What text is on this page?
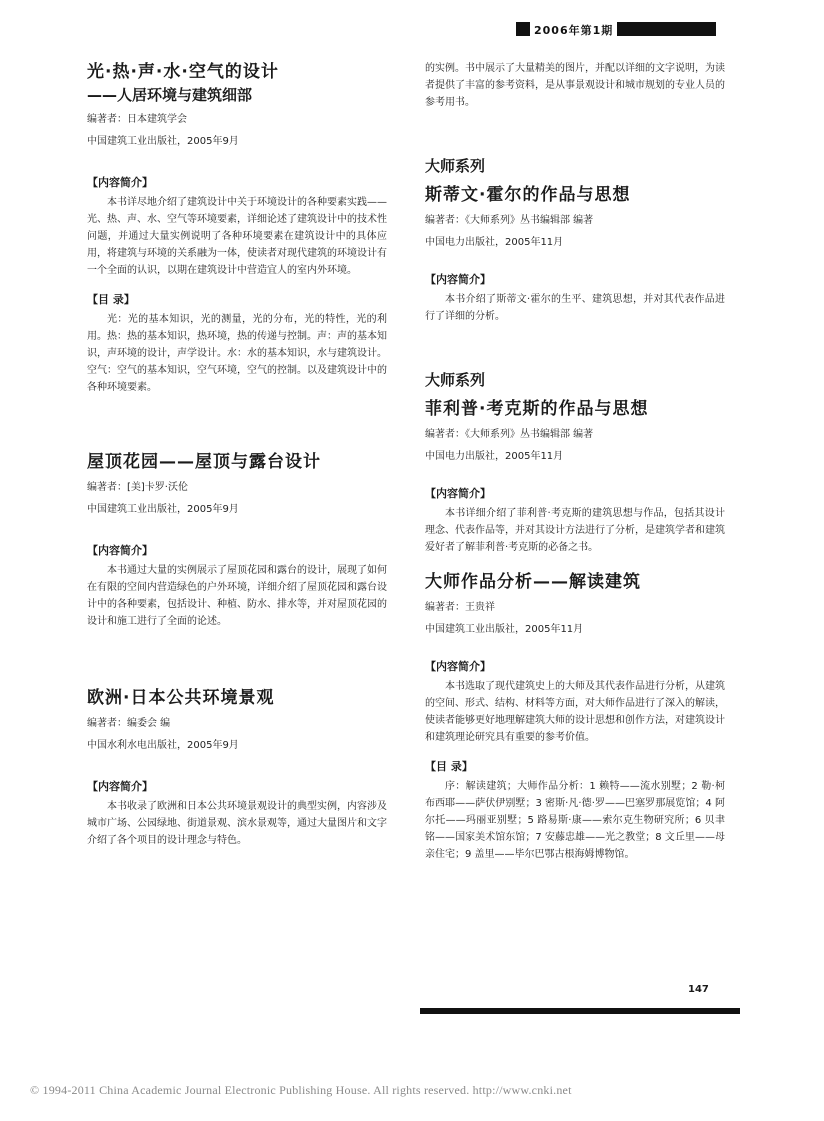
2006年第1期

光·热·声·水·空气的设计

——人居环境与建筑细部

编著者：日本建筑学会

中国建筑工业出版社，2005年9月

【内容简介】

本书详尽地介绍了建筑设计中关于环境设计的各种要素实践——光、热、声、水、空气等环境要素，详细论述了建筑设计中的技术性问题，并通过大量实例说明了各种环境要素在建筑设计中的具体应用，将建筑与环境的关系融为一体，使读者对现代建筑的环境设计有一个全面的认识，以期在建筑设计中营造宜人的室内外环境。

【目 录】

光：光的基本知识，光的测量，光的分布，光的特性，光的利用。热：热的基本知识，热环境，热的传递与控制。声：声的基本知识，声环境的设计，声学设计。水：水的基本知识，水与建筑设计。空气：空气的基本知识，空气环境，空气的控制。以及建筑设计中的各种环境要素。

屋顶花园——屋顶与露台设计

编著者：[美]卡罗·沃伦

中国建筑工业出版社，2005年9月

【内容简介】

本书通过大量的实例展示了屋顶花园和露台的设计，展现了如何在有限的空间内营造绿色的户外环境，详细介绍了屋顶花园和露台设计中的各种要素，包括设计、种植、防水、排水等，并对屋顶花园的设计和施工进行了全面的论述。

欧洲·日本公共环境景观

编著者：编委会 编

中国水利水电出版社，2005年9月

【内容简介】

本书收录了欧洲和日本公共环境景观设计的典型实例，内容涉及城市广场、公园绿地、街道景观、滨水景观等，通过大量图片和文字介绍了各个项目的设计理念与特色。

的实例。书中展示了大量精美的图片，并配以详细的文字说明，为读者提供了丰富的参考资料，是从事景观设计和城市规划的专业人员的参考用书。

大师系列

斯蒂文·霍尔的作品与思想

编著者：《大师系列》丛书编辑部 编著

中国电力出版社，2005年11月

【内容简介】

本书介绍了斯蒂文·霍尔的生平、建筑思想，并对其代表作品进行了详细的分析。

大师系列

菲利普·考克斯的作品与思想

编著者：《大师系列》丛书编辑部 编著

中国电力出版社，2005年11月

【内容简介】

本书详细介绍了菲利普·考克斯的建筑思想与作品，包括其设计理念、代表作品等，并对其设计方法进行了分析，是建筑学者和建筑爱好者了解菲利普·考克斯的必备之书。

大师作品分析——解读建筑

编著者：王贵祥

中国建筑工业出版社，2005年11月

【内容简介】

本书选取了现代建筑史上的大师及其代表作品进行分析，从建筑的空间、形式、结构、材料等方面，对大师作品进行了深入的解读，使读者能够更好地理解建筑大师的设计思想和创作方法，对建筑设计和建筑理论研究具有重要的参考价值。

【目 录】

序：解读建筑；大师作品分析：1 赖特——流水别墅；2 勒·柯布西耶——萨伏伊别墅；3 密斯·凡·德·罗——巴塞罗那展览馆；4 阿尔托——玛丽亚别墅；5 路易斯·康——索尔克生物研究所；6 贝聿铭——国家美术馆东馆；7 安藤忠雄——光之教堂；8 文丘里——母亲住宅；9 盖里——毕尔巴鄂古根海姆博物馆。

147
© 1994-2011 China Academic Journal Electronic Publishing House. All rights reserved. http://www.cnki.net
